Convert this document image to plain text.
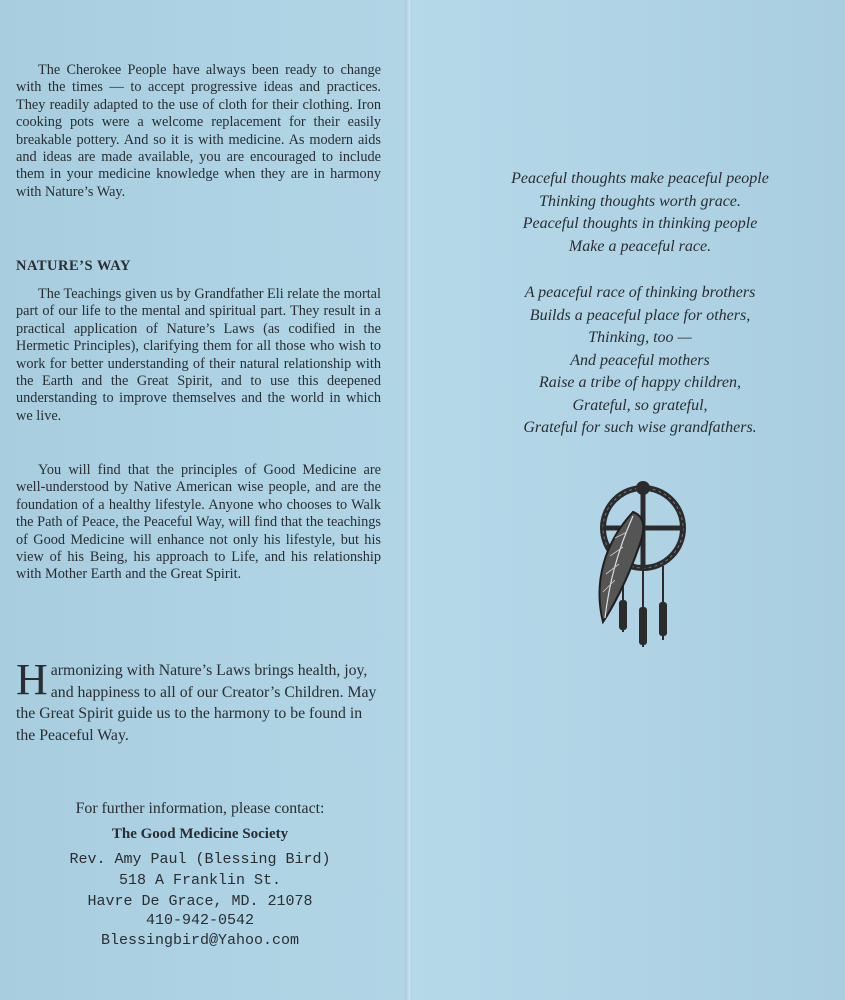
The Cherokee People have always been ready to change with the times — to accept progressive ideas and practices. They readily adapted to the use of cloth for their clothing. Iron cooking pots were a welcome replacement for their easily breakable pottery. And so it is with medicine. As modern aids and ideas are made available, you are encouraged to include them in your medicine knowledge when they are in harmony with Nature’s Way.

NATURE’S WAY

The Teachings given us by Grandfather Eli relate the mortal part of our life to the mental and spiritual part. They result in a practical application of Nature’s Laws (as codified in the Hermetic Principles), clarifying them for all those who wish to work for better understanding of their natural relationship with the Earth and the Great Spirit, and to use this deepened understanding to improve themselves and the world in which we live.

You will find that the principles of Good Medicine are well-understood by Native American wise people, and are the foundation of a healthy lifestyle. Anyone who chooses to Walk the Path of Peace, the Peaceful Way, will find that the teachings of Good Medicine will enhance not only his lifestyle, but his view of his Being, his approach to Life, and his relationship with Mother Earth and the Great Spirit.

Harmonizing with Nature’s Laws brings health, joy, and happiness to all of our Creator’s Children. May the Great Spirit guide us to the harmony to be found in the Peaceful Way.

For further information, please contact:
The Good Medicine Society
Rev. Amy Paul (Blessing Bird)
518 A Franklin St.
Havre De Grace, MD. 21078
410-942-0542
Blessingbird@Yahoo.com
Peaceful thoughts make peaceful people
Thinking thoughts worth grace.
Peaceful thoughts in thinking people
Make a peaceful race.
A peaceful race of thinking brothers
Builds a peaceful place for others,
Thinking, too —
And peaceful mothers
Raise a tribe of happy children,
Grateful, so grateful,
Grateful for such wise grandfathers.
